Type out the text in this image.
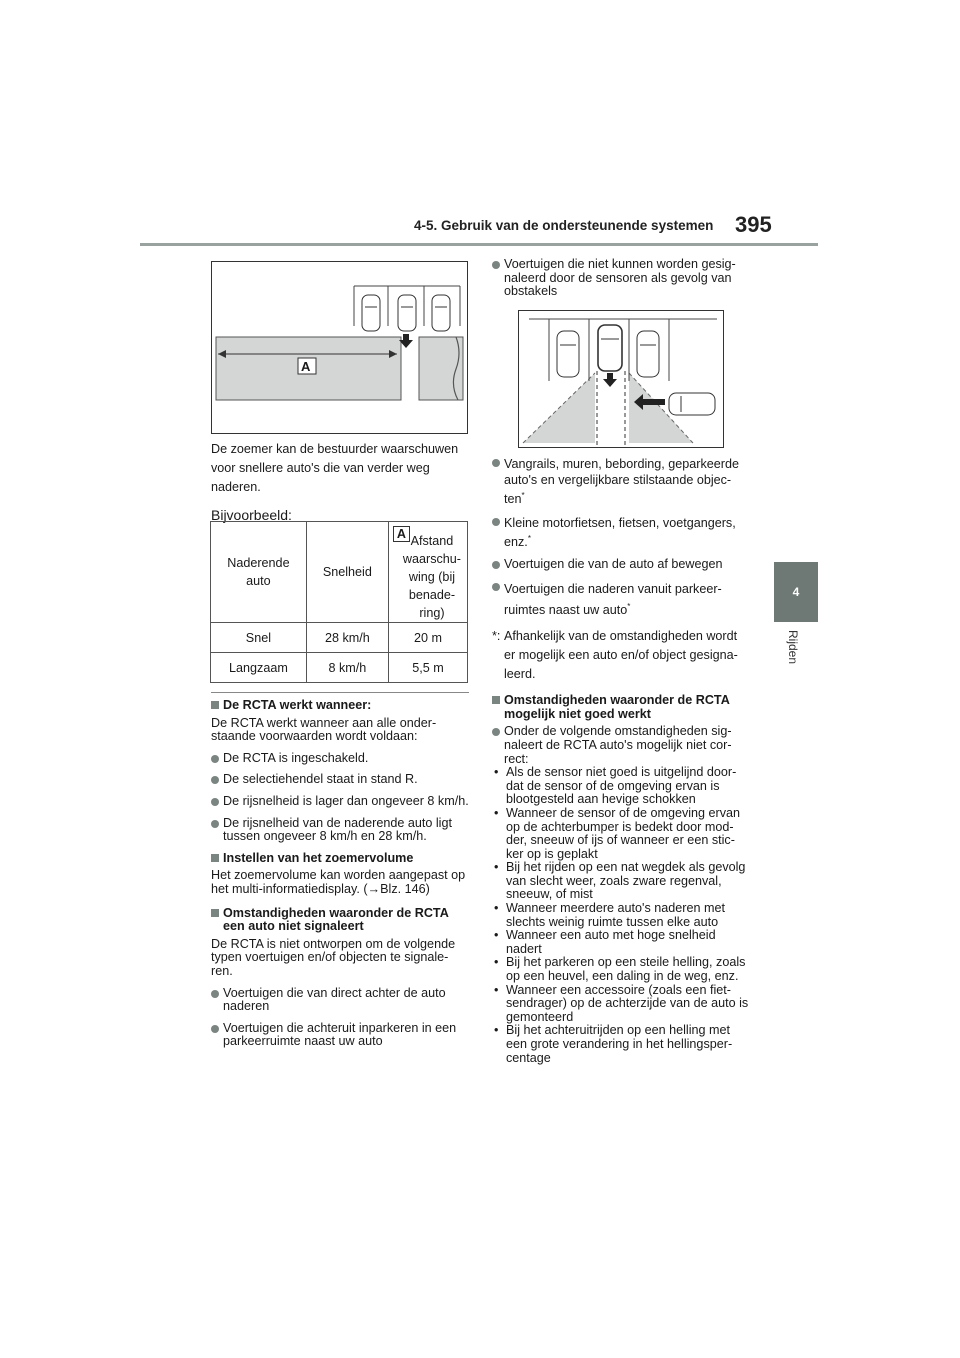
4-5. Gebruik van de ondersteunende systemen 395
4
Rijden
A

De zoemer kan de bestuurder waarschuwen voor snellere auto's die van verder weg naderen.

Bijvoorbeeld:

Naderende auto	Snelheid	A Afstand waarschu-wing (bij benade-ring)

Snel	28 km/h	20 m
Langzaam	8 km/h	5,5 m
De RCTA werkt wanneer:

De RCTA werkt wanneer aan alle onder-staande voorwaarden wordt voldaan:

De RCTA is ingeschakeld.
De selectiehendel staat in stand R.
De rijsnelheid is lager dan ongeveer 8 km/h.
De rijsnelheid van de naderende auto ligt tussen ongeveer 8 km/h en 28 km/h.
Instellen van het zoemervolume

Het zoemervolume kan worden aangepast op het multi-informatiedisplay. (→Blz. 146)

Omstandigheden waaronder de RCTA een auto niet signaleert

De RCTA is niet ontworpen om de volgende typen voertuigen en/of objecten te signale-ren.

Voertuigen die van direct achter de auto naderen
Voertuigen die achteruit inparkeren in een parkeerruimte naast uw auto
Voertuigen die niet kunnen worden gesig-naleerd door de sensoren als gevolg van obstakels
Vangrails, muren, bebording, geparkeerde auto's en vergelijkbare stilstaande objec-ten*
Kleine motorfietsen, fietsen, voetgangers, enz.*
Voertuigen die van de auto af bewegen
Voertuigen die naderen vanuit parkeer-ruimtes naast uw auto*
*: Afhankelijk van de omstandigheden wordt er mogelijk een auto en/of object gesigna-leerd.
Omstandigheden waaronder de RCTA mogelijk niet goed werkt
Onder de volgende omstandigheden sig-naleert de RCTA auto's mogelijk niet cor-rect:
• Als de sensor niet goed is uitgelijnd door-dat de sensor of de omgeving ervan is blootgesteld aan hevige schokken
• Wanneer de sensor of de omgeving ervan op de achterbumper is bedekt door mod-der, sneeuw of ijs of wanneer er een stic-ker op is geplakt
• Bij het rijden op een nat wegdek als gevolg van slecht weer, zoals zware regenval, sneeuw, of mist
• Wanneer meerdere auto's naderen met slechts weinig ruimte tussen elke auto
• Wanneer een auto met hoge snelheid nadert
• Bij het parkeren op een steile helling, zoals op een heuvel, een daling in de weg, enz.
• Wanneer een accessoire (zoals een fiet-sendrager) op de achterzijde van de auto is gemonteerd
• Bij het achteruitrijden op een helling met een grote verandering in het hellingsper-centage
